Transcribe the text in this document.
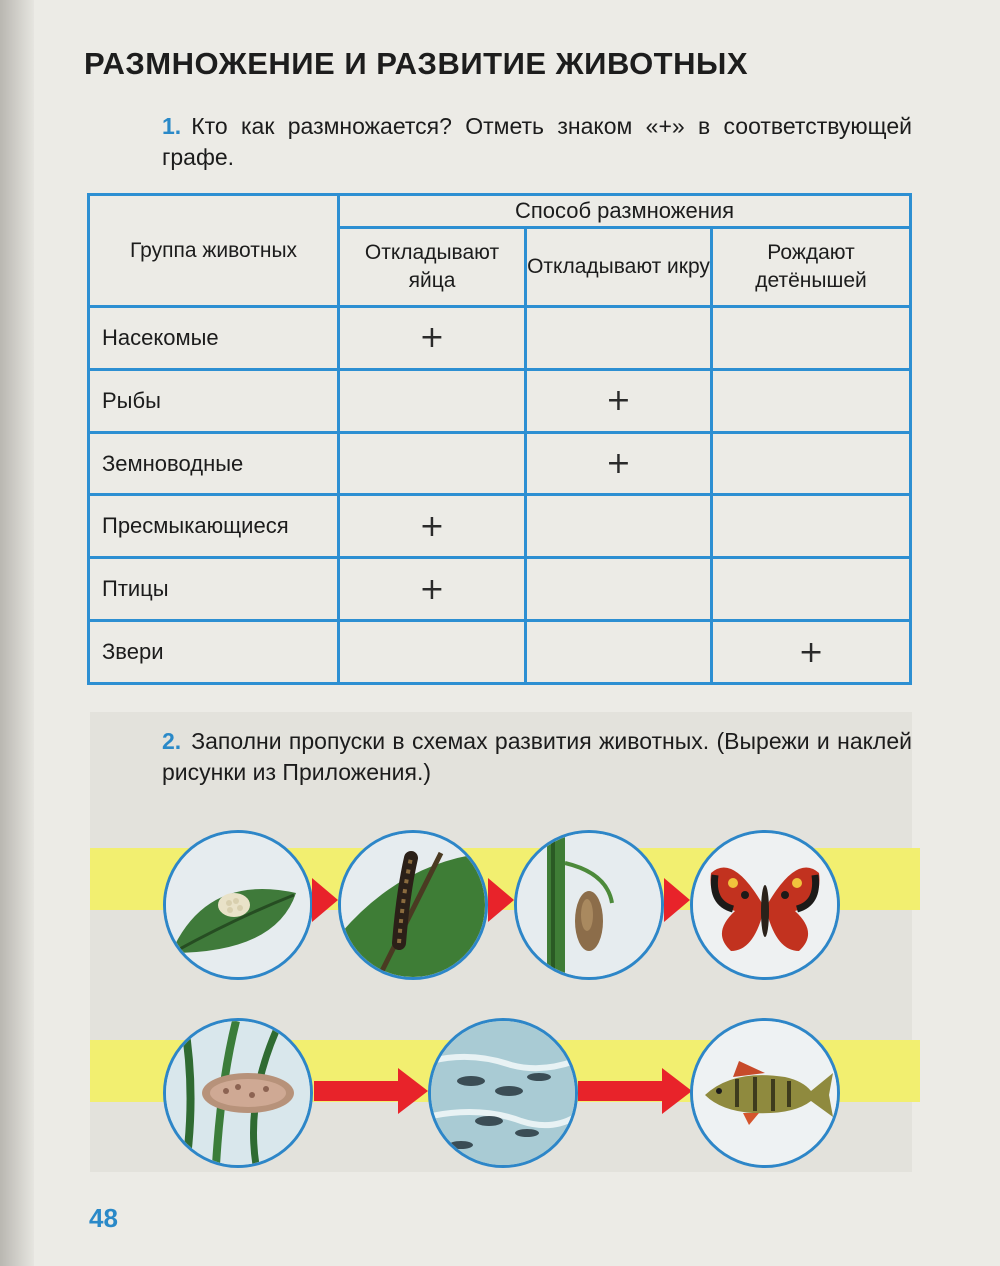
РАЗМНОЖЕНИЕ И РАЗВИТИЕ ЖИВОТНЫХ
1. Кто как размножается? Отметь знаком «+» в соответствующей графе.
Группа животных	Способ размножения		
	Откладывают яйца	Откладывают икру	Рождают детёнышей
Насекомые	+		
Рыбы		+	
Земноводные		+	
Пресмыкающиеся	+		
Птицы	+		
Звери			+
2. Заполни пропуски в схемах развития животных. (Вырежи и наклей рисунки из Приложения.)
48
